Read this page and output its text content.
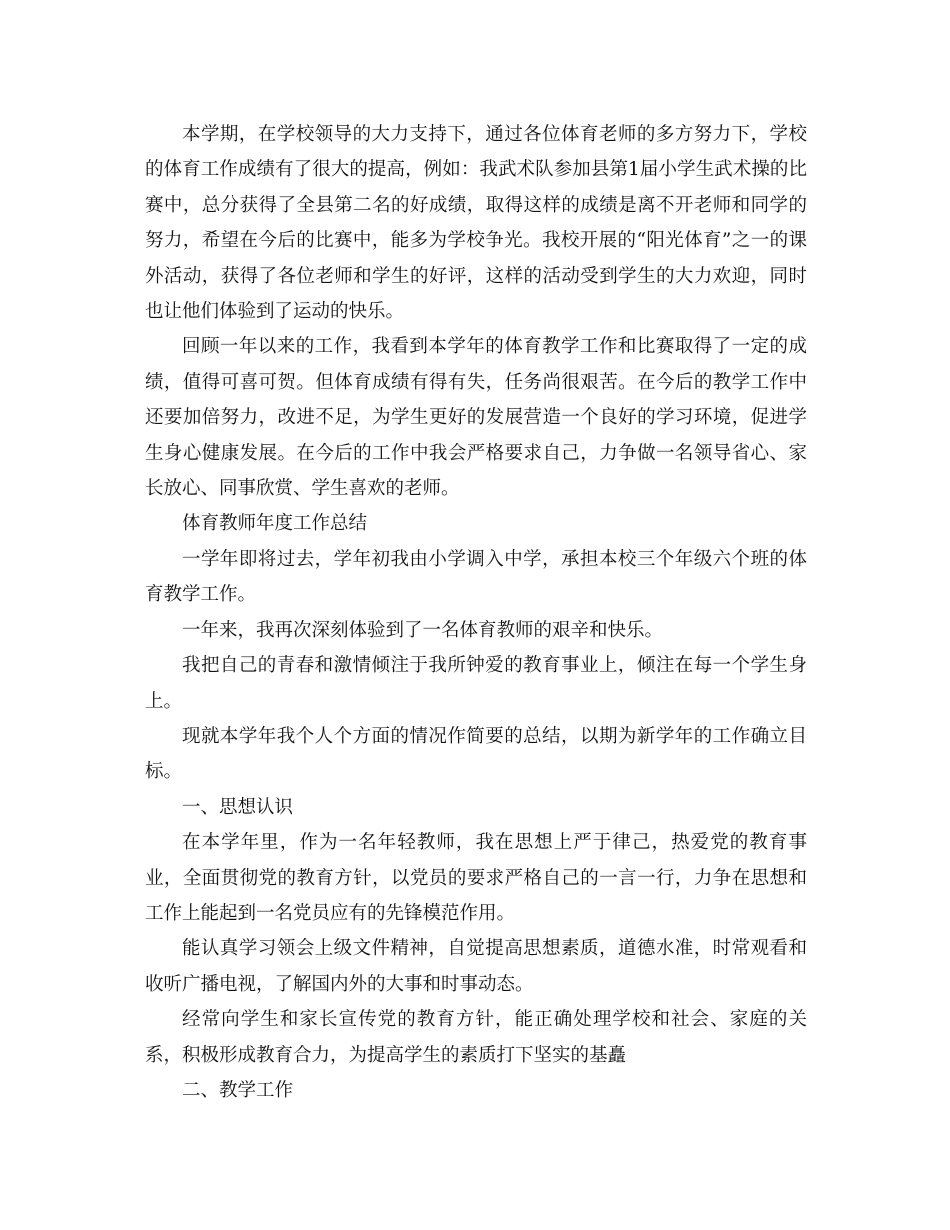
本学期，在学校领导的大力支持下，通过各位体育老师的多方努力下，学校的体育工作成绩有了很大的提高，例如：我武术队参加县第1届小学生武术操的比赛中，总分获得了全县第二名的好成绩，取得这样的成绩是离不开老师和同学的努力，希望在今后的比赛中，能多为学校争光。我校开展的“阳光体育”之一的课外活动，获得了各位老师和学生的好评，这样的活动受到学生的大力欢迎，同时也让他们体验到了运动的快乐。

回顾一年以来的工作，我看到本学年的体育教学工作和比赛取得了一定的成绩，值得可喜可贺。但体育成绩有得有失，任务尚很艰苦。在今后的教学工作中还要加倍努力，改进不足，为学生更好的发展营造一个良好的学习环境，促进学生身心健康发展。在今后的工作中我会严格要求自己，力争做一名领导省心、家长放心、同事欣赏、学生喜欢的老师。

体育教师年度工作总结

一学年即将过去，学年初我由小学调入中学，承担本校三个年级六个班的体育教学工作。

一年来，我再次深刻体验到了一名体育教师的艰辛和快乐。

我把自己的青春和激情倾注于我所钟爱的教育事业上，倾注在每一个学生身上。

现就本学年我个人个方面的情况作简要的总结，以期为新学年的工作确立目标。

一、思想认识

在本学年里，作为一名年轻教师，我在思想上严于律己，热爱党的教育事业，全面贯彻党的教育方针，以党员的要求严格自己的一言一行，力争在思想和工作上能起到一名党员应有的先锋模范作用。

能认真学习领会上级文件精神，自觉提高思想素质，道德水准，时常观看和收听广播电视，了解国内外的大事和时事动态。

经常向学生和家长宣传党的教育方针，能正确处理学校和社会、家庭的关系，积极形成教育合力，为提高学生的素质打下坚实的基矗

二、教学工作
